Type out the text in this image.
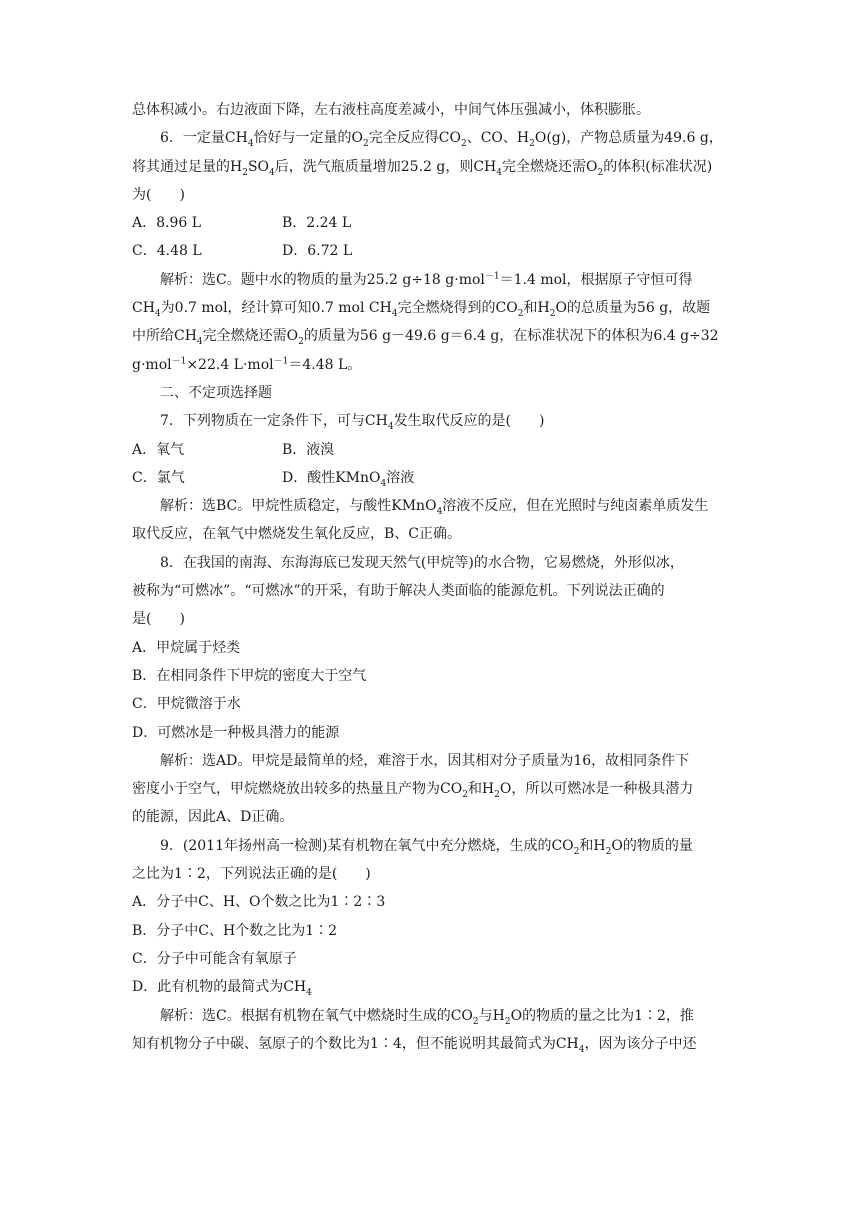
总体积减小。右边液面下降，左右液柱高度差减小，中间气体压强减小，体积膨胀。

6．一定量$CH_4$恰好与一定量的$O_2$完全反应得$CO_2$、CO、$H_2O(g)$，产物总质量为49.6 g，

将其通过足量的$H_2SO_4$后，洗气瓶质量增加25.2 g，则$CH_4$完全燃烧还需$O_2$的体积(标准状况)

为(　　)

A．8.96 L	B．2.24 L

C．4.48 L	D．6.72 L

解析：选C。题中水的物质的量为25.2 g÷18 g·mol$^{-1}$＝1.4 mol，根据原子守恒可得

$CH_4$为0.7 mol，经计算可知0.7 mol $CH_4$完全燃烧得到的$CO_2$和$H_2O$的总质量为56 g，故题

中所给$CH_4$完全燃烧还需$O_2$的质量为56 g－49.6 g＝6.4 g，在标准状况下的体积为6.4 g÷32

g·mol$^{-1}$×22.4 L·mol$^{-1}$＝4.48 L。

二、不定项选择题

7．下列物质在一定条件下，可与$CH_4$发生取代反应的是(　　)

A．氧气	B．液溴

C．氯气	D．酸性KMnO$_4$溶液

解析：选BC。甲烷性质稳定，与酸性KMnO$_4$溶液不反应，但在光照时与纯卤素单质发生

取代反应，在氧气中燃烧发生氧化反应，B、C正确。

8．在我国的南海、东海海底已发现天然气(甲烷等)的水合物，它易燃烧，外形似冰，

被称为“可燃冰”。“可燃冰”的开采，有助于解决人类面临的能源危机。下列说法正确的

是(　　)

A．甲烷属于烃类

B．在相同条件下甲烷的密度大于空气

C．甲烷微溶于水

D．可燃冰是一种极具潜力的能源

解析：选AD。甲烷是最简单的烃，难溶于水，因其相对分子质量为16，故相同条件下

密度小于空气，甲烷燃烧放出较多的热量且产物为$CO_2$和$H_2O$，所以可燃冰是一种极具潜力

的能源，因此A、D正确。

9．(2011年扬州高一检测)某有机物在氧气中充分燃烧，生成的$CO_2$和$H_2O$的物质的量

之比为1∶2，下列说法正确的是(　　)

A．分子中C、H、O个数之比为1∶2∶3

B．分子中C、H个数之比为1∶2

C．分子中可能含有氧原子

D．此有机物的最简式为$CH_4$

解析：选C。根据有机物在氧气中燃烧时生成的$CO_2$与$H_2O$的物质的量之比为1∶2，推

知有机物分子中碳、氢原子的个数比为1∶4，但不能说明其最简式为$CH_4$，因为该分子中还
